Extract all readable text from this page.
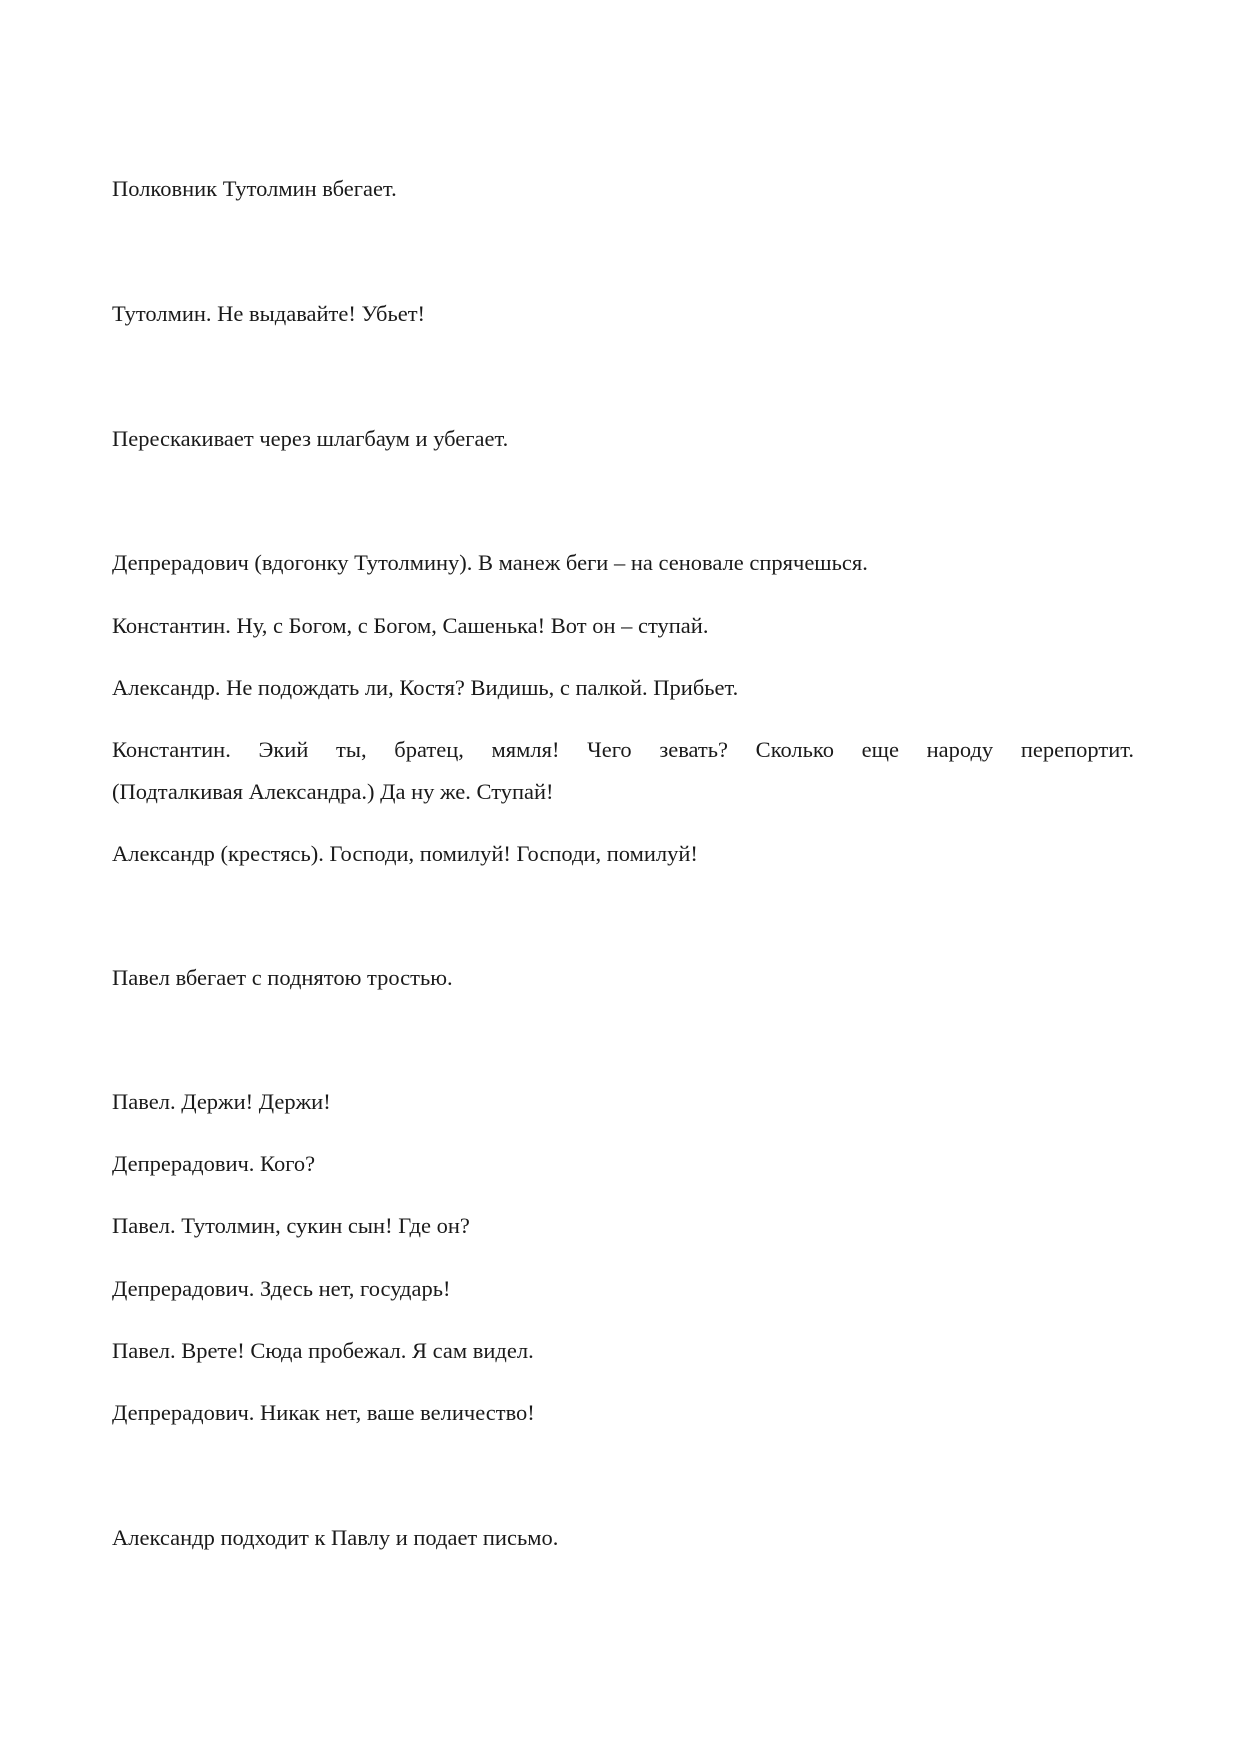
Полковник Тутолмин вбегает.
Тутолмин. Не выдавайте! Убьет!
Перескакивает через шлагбаум и убегает.
Депрерадович (вдогонку Тутолмину). В манеж беги – на сеновале спрячешься.
Константин. Ну, с Богом, с Богом, Сашенька! Вот он – ступай.
Александр. Не подождать ли, Костя? Видишь, с палкой. Прибьет.
Константин. Экий ты, братец, мямля! Чего зевать? Сколько еще народу перепортит.
(Подталкивая Александра.) Да ну же. Ступай!
Александр (крестясь). Господи, помилуй! Господи, помилуй!
Павел вбегает с поднятою тростью.
Павел. Держи! Держи!
Депрерадович. Кого?
Павел. Тутолмин, сукин сын! Где он?
Депрерадович. Здесь нет, государь!
Павел. Врете! Сюда пробежал. Я сам видел.
Депрерадович. Никак нет, ваше величество!
Александр подходит к Павлу и подает письмо.
